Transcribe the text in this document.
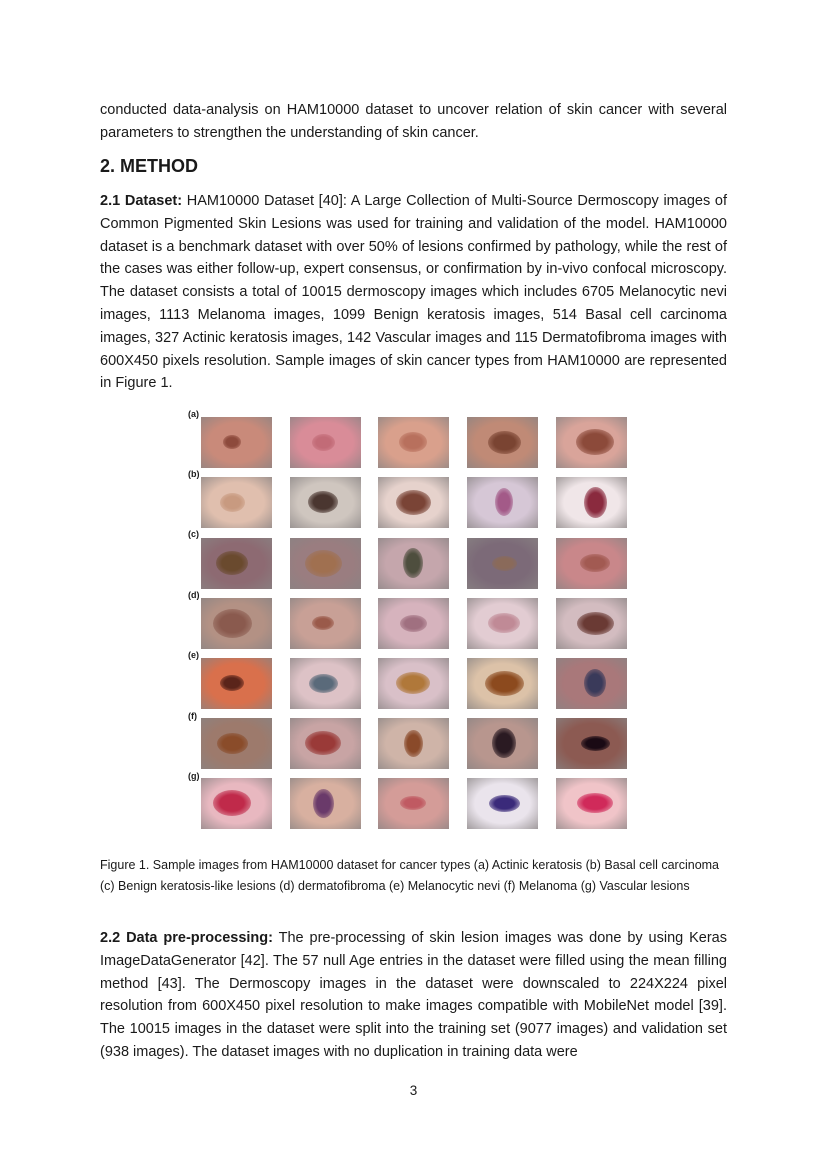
conducted data-analysis on HAM10000 dataset to uncover relation of skin cancer with several parameters to strengthen the understanding of skin cancer.

2. METHOD

2.1 Dataset: HAM10000 Dataset [40]: A Large Collection of Multi-Source Dermoscopy images of Common Pigmented Skin Lesions was used for training and validation of the model. HAM10000 dataset is a benchmark dataset with over 50% of lesions confirmed by pathology, while the rest of the cases was either follow-up, expert consensus, or confirmation by in-vivo confocal microscopy. The dataset consists a total of 10015 dermoscopy images which includes 6705 Melanocytic nevi images, 1113 Melanoma images, 1099 Benign keratosis images, 514 Basal cell carcinoma images, 327 Actinic keratosis images, 142 Vascular images and 115 Dermatofibroma images with 600X450 pixels resolution. Sample images of skin cancer types from HAM10000 are represented in Figure 1.

(a)
(b)
(c)
(d)
(e)
(f)
(g)

Figure 1. Sample images from HAM10000 dataset for cancer types (a) Actinic keratosis (b) Basal cell carcinoma (c) Benign keratosis-like lesions (d) dermatofibroma (e) Melanocytic nevi (f) Melanoma (g) Vascular lesions

2.2 Data pre-processing: The pre-processing of skin lesion images was done by using Keras ImageDataGenerator [42]. The 57 null Age entries in the dataset were filled using the mean filling method [43]. The Dermoscopy images in the dataset were downscaled to 224X224 pixel resolution from 600X450 pixel resolution to make images compatible with MobileNet model [39]. The 10015 images in the dataset were split into the training set (9077 images) and validation set (938 images). The dataset images with no duplication in training data were

3
